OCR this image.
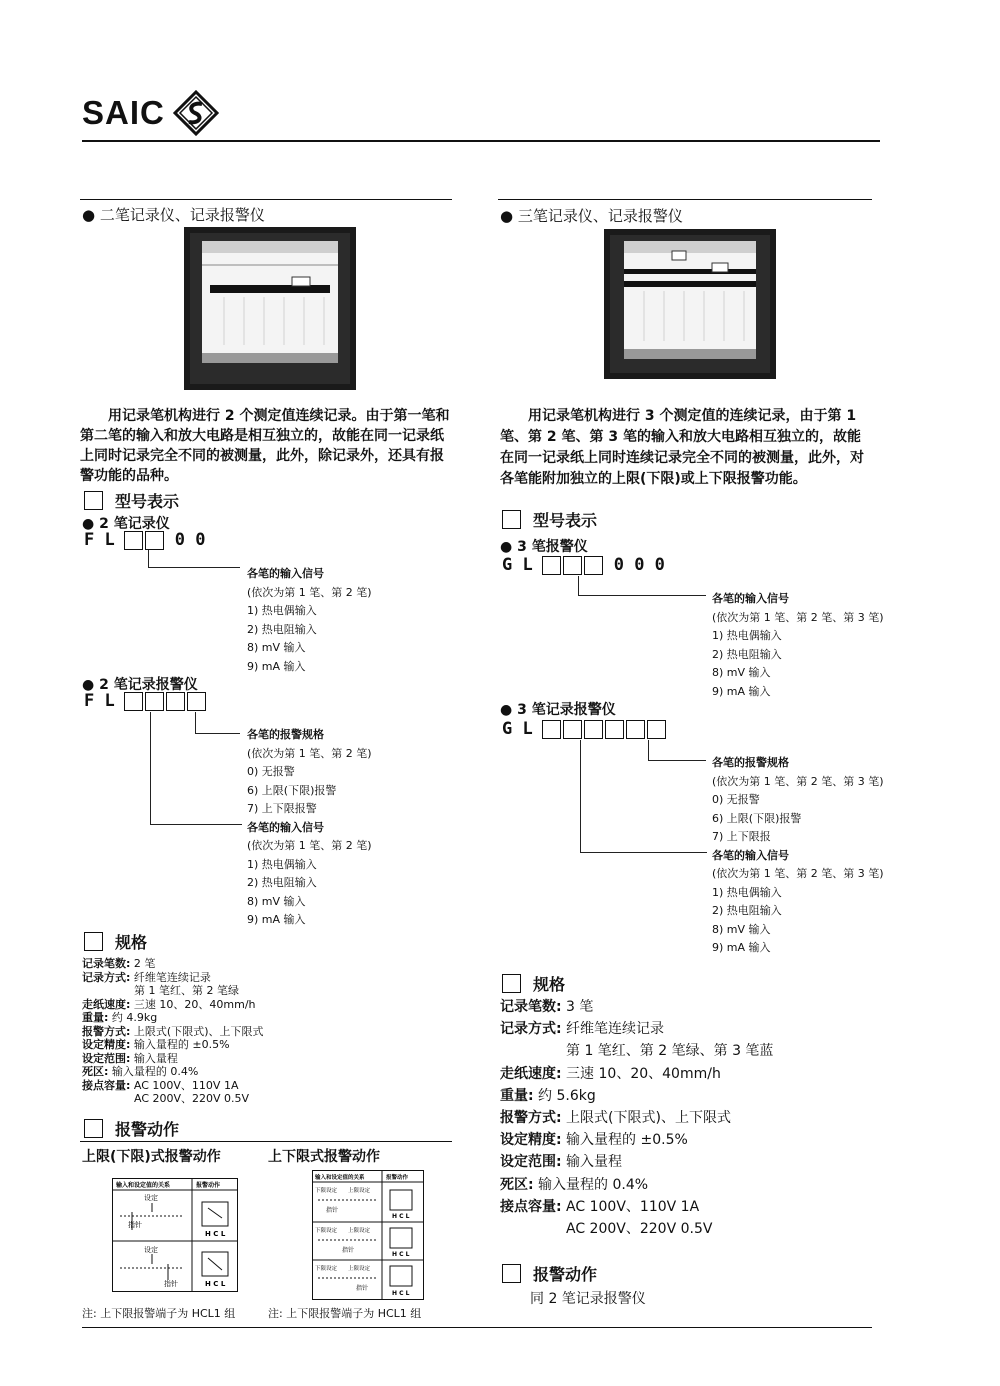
SAIC
● 二笔记录仪、记录报警仪
用记录笔机构进行 2 个测定值连续记录。由于第一笔和第二笔的输入和放大电路是相互独立的，故能在同一记录纸上同时记录完全不同的被测量，此外，除记录外，还具有报警功能的品种。
型号表示
● 2 笔记录仪
F L	0 0
各笔的输入信号
(依次为第 1 笔、第 2 笔)
1) 热电偶输入
2) 热电阻输入
8) mV 输入
9) mA 输入
● 2 笔记录报警仪
F L
各笔的报警规格
(依次为第 1 笔、第 2 笔)
0) 无报警
6) 上限(下限)报警
7) 上下限报警
各笔的输入信号
(依次为第 1 笔、第 2 笔)
1) 热电偶输入
2) 热电阻输入
8) mV 输入
9) mA 输入
规格
记录笔数: 2 笔
记录方式: 纤维笔连续记录
第 1 笔红、第 2 笔绿
走纸速度: 三速 10、20、40mm/h
重量: 约 4.9kg
报警方式: 上限式(下限式)、上下限式
设定精度: 输入量程的 ±0.5%
设定范围: 输入量程
死区: 输入量程的 0.4%
接点容量: AC 100V、110V 1A
AC 200V、220V 0.5V
报警动作
上限(下限)式报警动作	上下限式报警动作
输入和设定值的关系	报警动作
设定
指针
H C L
设定
指针	H C L
输入和设定值的关系	报警动作
下限设定 上限设定
指针
H C L
下限设定 上限设定
指针
H C L
下限设定 上限设定
指针
H C L
注: 上下限报警端子为 HCL1 组	注: 上下限报警端子为 HCL1 组
● 三笔记录仪、记录报警仪
用记录笔机构进行 3 个测定值的连续记录，由于第 1 笔、第 2 笔、第 3 笔的输入和放大电路相互独立的，故能在同一记录纸上同时连续记录完全不同的被测量，此外，对各笔能附加独立的上限(下限)或上下限报警功能。
型号表示
● 3 笔报警仪
G L	0 0 0
各笔的输入信号
(依次为第 1 笔、第 2 笔、第 3 笔)
1) 热电偶输入
2) 热电阻输入
8) mV 输入
9) mA 输入
● 3 笔记录报警仪
G L
各笔的报警规格
(依次为第 1 笔、第 2 笔、第 3 笔)
0) 无报警
6) 上限(下限)报警
7) 上下限报
各笔的输入信号
(依次为第 1 笔、第 2 笔、第 3 笔)
1) 热电偶输入
2) 热电阻输入
8) mV 输入
9) mA 输入
规格
记录笔数: 3 笔
记录方式: 纤维笔连续记录
第 1 笔红、第 2 笔绿、第 3 笔蓝
走纸速度: 三速 10、20、40mm/h
重量: 约 5.6kg
报警方式: 上限式(下限式)、上下限式
设定精度: 输入量程的 ±0.5%
设定范围: 输入量程
死区: 输入量程的 0.4%
接点容量: AC 100V、110V 1A
AC 200V、220V 0.5V
报警动作
同 2 笔记录报警仪
